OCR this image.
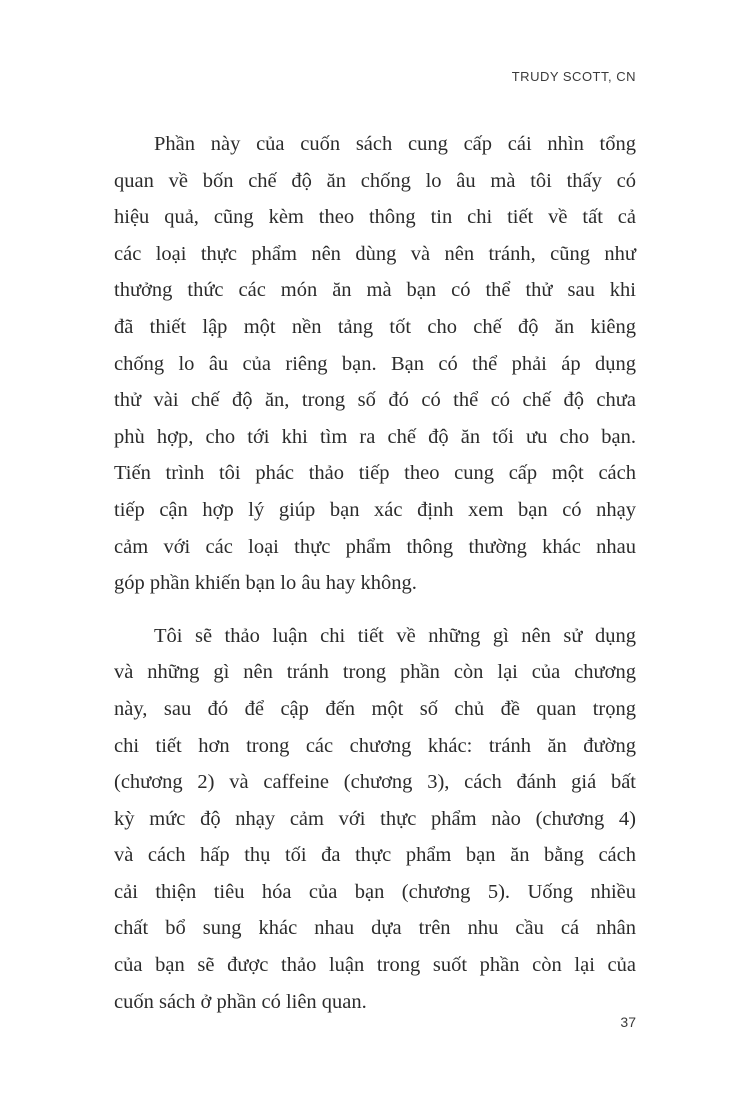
TRUDY SCOTT, CN
Phần này của cuốn sách cung cấp cái nhìn tổng
quan về bốn chế độ ăn chống lo âu mà tôi thấy có
hiệu quả, cũng kèm theo thông tin chi tiết về tất cả
các loại thực phẩm nên dùng và nên tránh, cũng như
thưởng thức các món ăn mà bạn có thể thử sau khi
đã thiết lập một nền tảng tốt cho chế độ ăn kiêng
chống lo âu của riêng bạn. Bạn có thể phải áp dụng
thử vài chế độ ăn, trong số đó có thể có chế độ chưa
phù hợp, cho tới khi tìm ra chế độ ăn tối ưu cho bạn.
Tiến trình tôi phác thảo tiếp theo cung cấp một cách
tiếp cận hợp lý giúp bạn xác định xem bạn có nhạy
cảm với các loại thực phẩm thông thường khác nhau
góp phần khiến bạn lo âu hay không.
Tôi sẽ thảo luận chi tiết về những gì nên sử dụng
và những gì nên tránh trong phần còn lại của chương
này, sau đó để cập đến một số chủ đề quan trọng
chi tiết hơn trong các chương khác: tránh ăn đường
(chương 2) và caffeine (chương 3), cách đánh giá bất
kỳ mức độ nhạy cảm với thực phẩm nào (chương 4)
và cách hấp thụ tối đa thực phẩm bạn ăn bằng cách
cải thiện tiêu hóa của bạn (chương 5). Uống nhiều
chất bổ sung khác nhau dựa trên nhu cầu cá nhân
của bạn sẽ được thảo luận trong suốt phần còn lại của
cuốn sách ở phần có liên quan.
37
